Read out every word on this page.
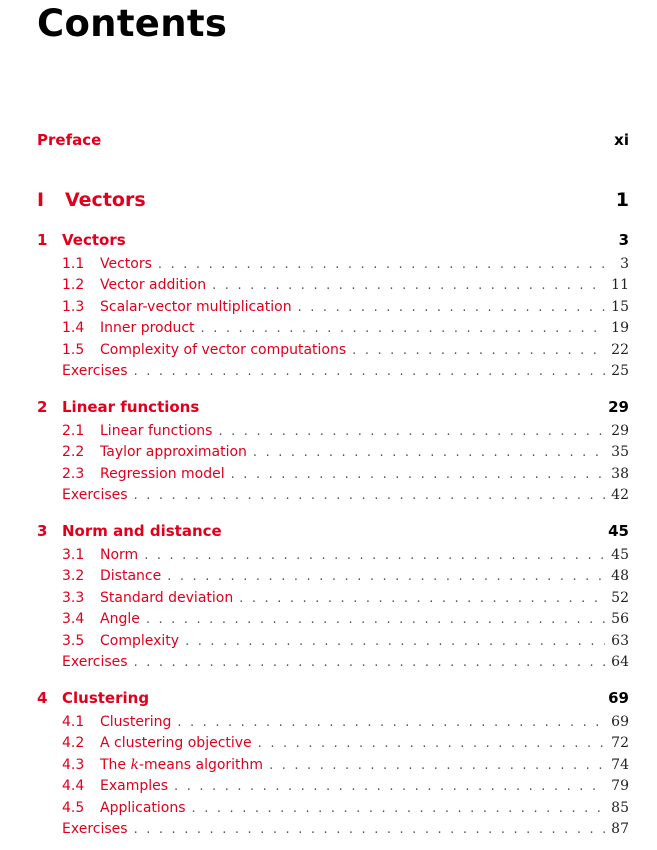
Contents
Preface	xi
I	Vectors	1
1 Vectors	3
1.1	Vectors . . .	3
1.2	Vector addition . . .	11
1.3	Scalar-vector multiplication . . .	15
1.4	Inner product . . .	19
1.5	Complexity of vector computations . . .	22
Exercises . . .	25
2 Linear functions	29
2.1	Linear functions . . .	29
2.2	Taylor approximation . . .	35
2.3	Regression model . . .	38
Exercises . . .	42
3 Norm and distance	45
3.1	Norm . . .	45
3.2	Distance . . .	48
3.3	Standard deviation . . .	52
3.4	Angle . . .	56
3.5	Complexity . . .	63
Exercises . . .	64
4 Clustering	69
4.1	Clustering . . .	69
4.2	A clustering objective . . .	72
4.3	The k-means algorithm . . .	74
4.4	Examples . . .	79
4.5	Applications . . .	85
Exercises . . .	87
